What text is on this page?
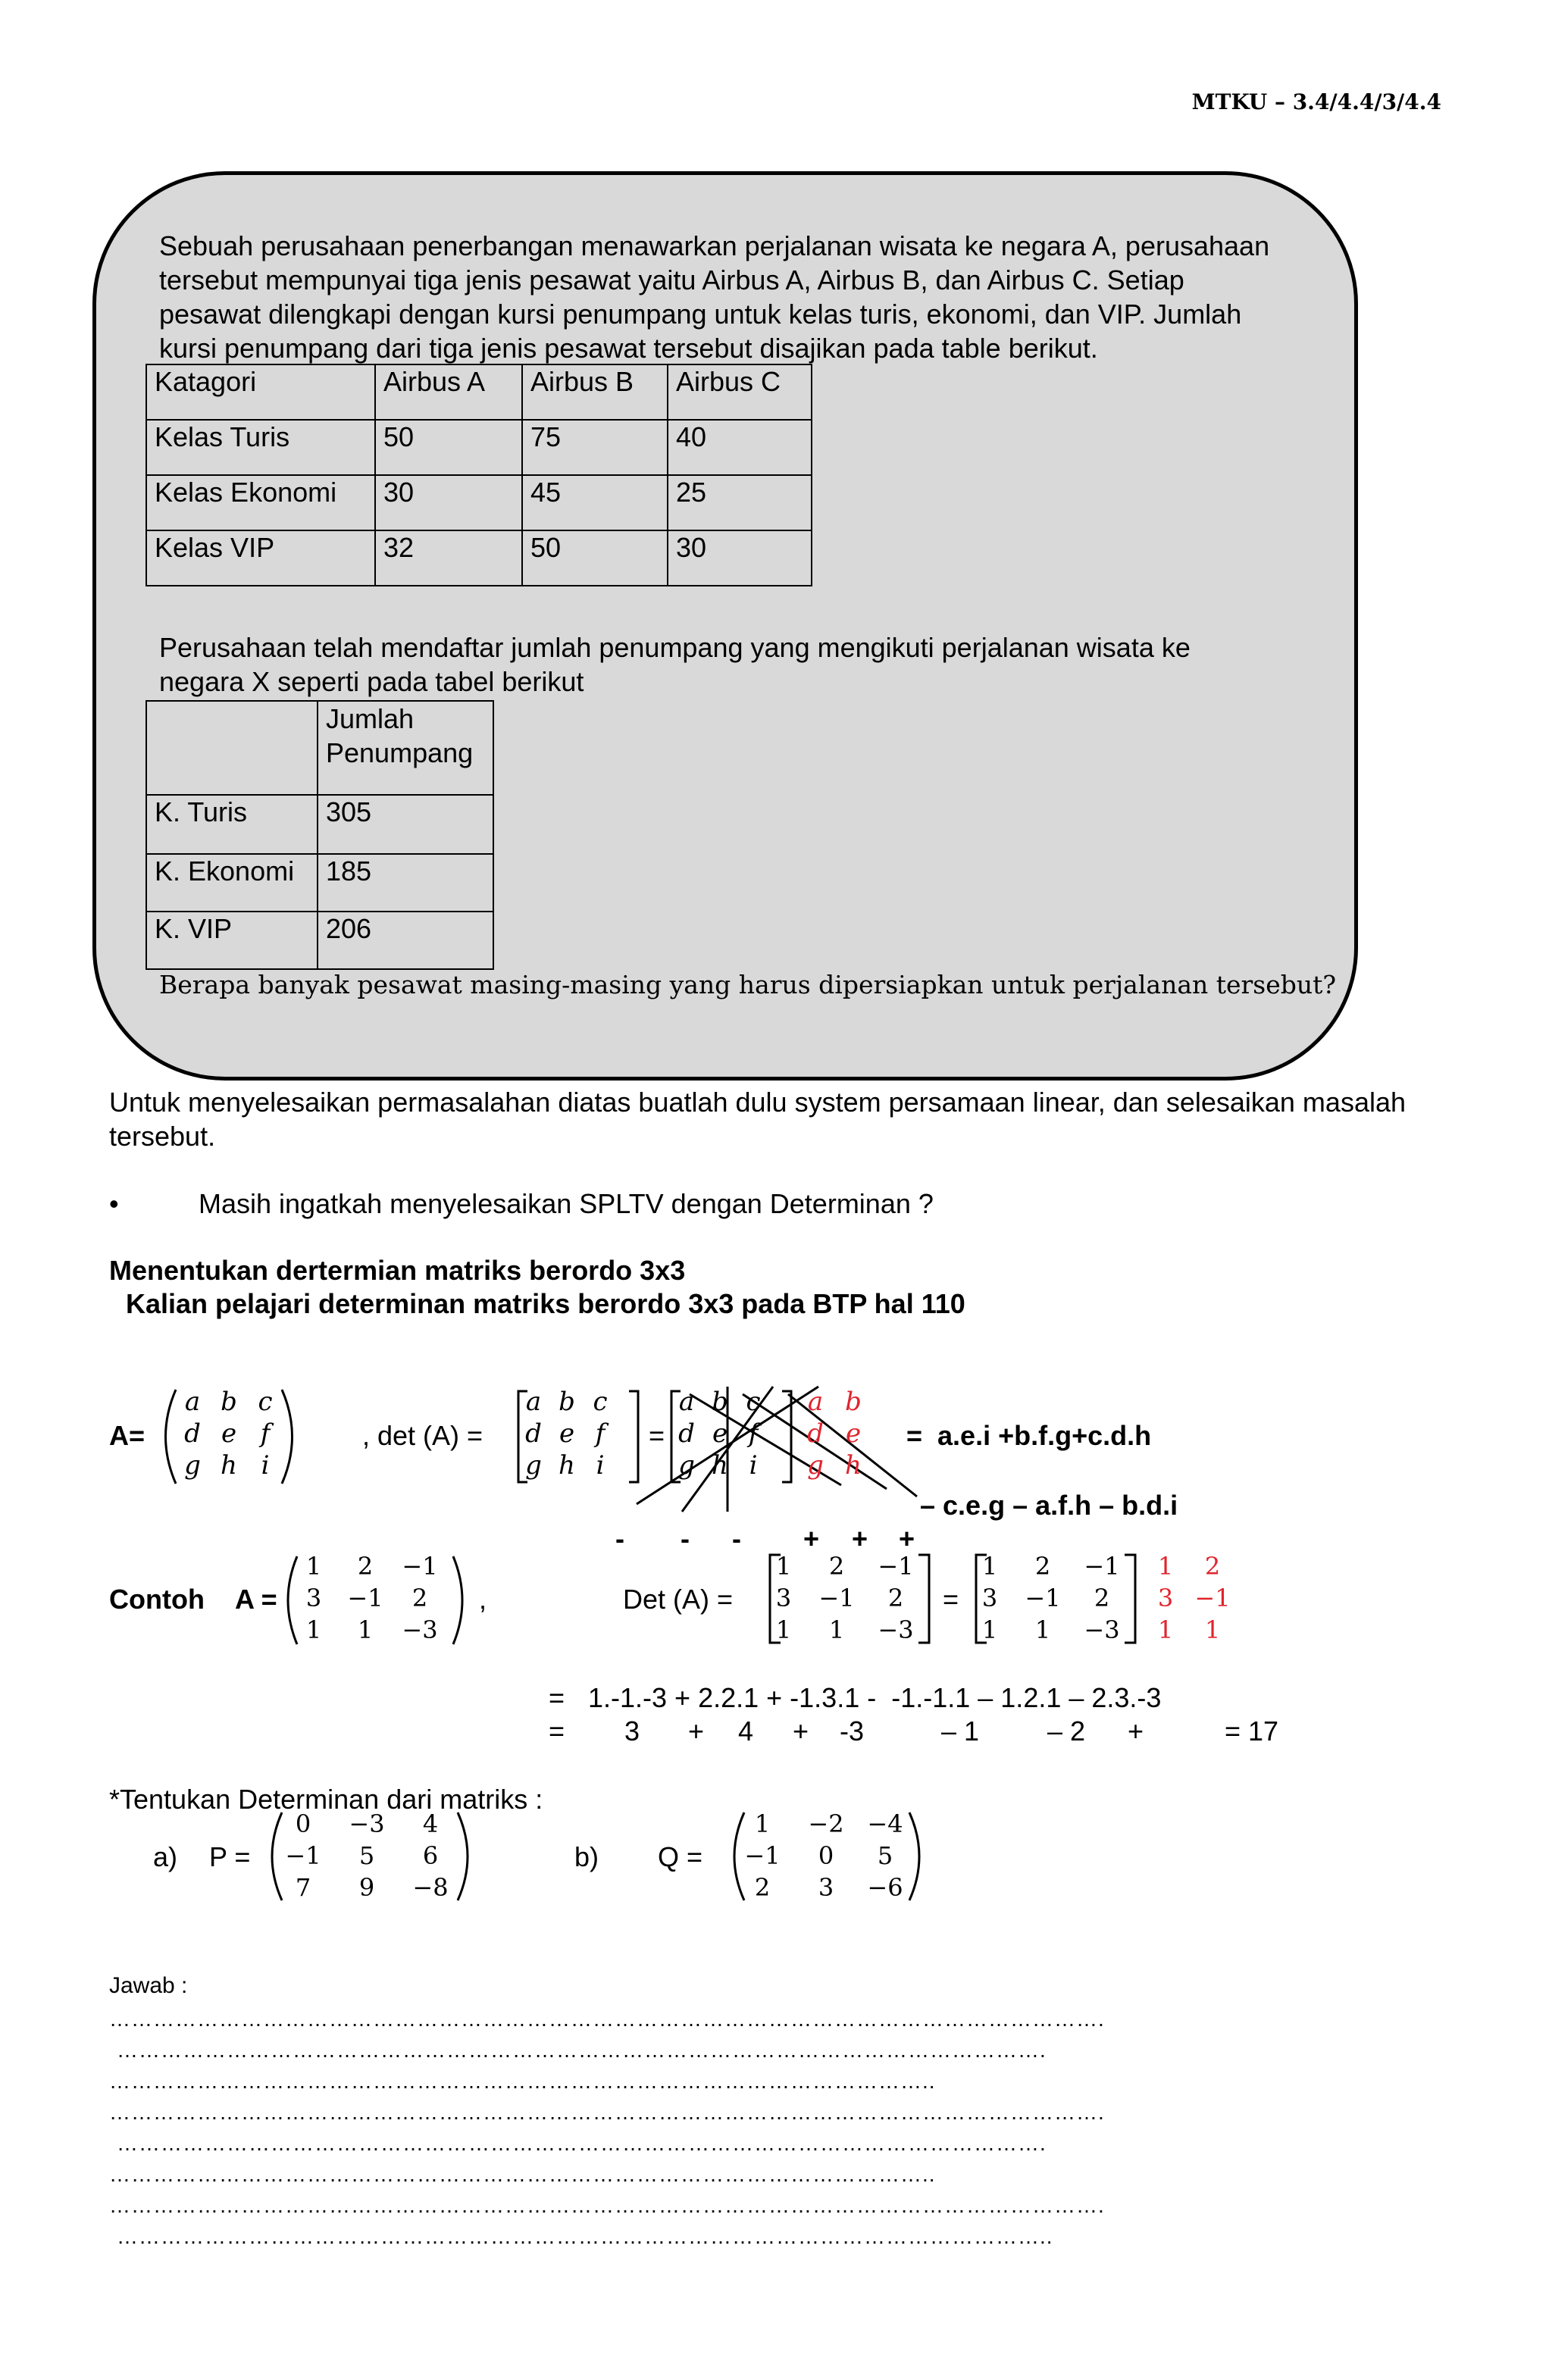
MTKU – 3.4/4.4/3/4.4
Sebuah perusahaan penerbangan menawarkan perjalanan wisata ke negara A, perusahaan
tersebut mempunyai tiga jenis pesawat yaitu Airbus A, Airbus B, dan Airbus C. Setiap
pesawat dilengkapi dengan kursi penumpang untuk kelas turis, ekonomi, dan VIP. Jumlah
kursi penumpang dari tiga jenis pesawat tersebut disajikan pada table berikut.
Katagori	Airbus A	Airbus B	Airbus C
Kelas Turis	50	75	40
Kelas Ekonomi	30	45	25
Kelas VIP	32	50	30
Perusahaan telah mendaftar jumlah penumpang yang mengikuti perjalanan wisata ke
negara X seperti pada tabel berikut
	Jumlah Penumpang
K. Turis	305
K. Ekonomi	185
K. VIP	206
Berapa banyak pesawat masing-masing yang harus dipersiapkan untuk perjalanan tersebut?
Untuk menyelesaikan permasalahan diatas buatlah dulu system persamaan linear, dan selesaikan masalah
tersebut.
•	Masih ingatkah menyelesaikan SPLTV dengan Determinan ?
Menentukan dertermian matriks berordo 3x3
Kalian pelajari determinan matriks berordo 3x3 pada BTP hal 110
A=
a b c
d e f
g h i
, det (A) =
a b c
d e f
g h i
=
a b c	a b
d e f	d e
g h i	g h
=  a.e.i +b.f.g+c.d.h
– c.e.g – a.f.h – b.d.i
- - - + + +
Contoh A =
1	2	−1
3	−1	2
1	1	−3
,	Det (A) =
1	2	−1
3	−1	2
1	1	−3
=
1	2	−1	1	2
3	−1	2	3 −1
1	1	−3	1	1
= 1.-1.-3 + 2.2.1 + -1.3.1 -  -1.-1.1 – 1.2.1 – 2.3.-3
= 3 + 4 + -3	– 1 – 2 +	= 17
*Tentukan Determinan dari matriks :
a) P =
0	−3	4
−1	5	6
7	9	−8
b) Q =
1	−2 −4
−1	0	5
2	3	−6
Jawab :
……………………………………………………………………………………………………………………….
……………………………………………………………………………………………………………….
…………………………………………………………………………………………………..
……………………………………………………………………………………………………………………….
……………………………………………………………………………………………………………….
…………………………………………………………………………………………………..
……………………………………………………………………………………………………………………….
………………………………………………………………………………………………………………..
